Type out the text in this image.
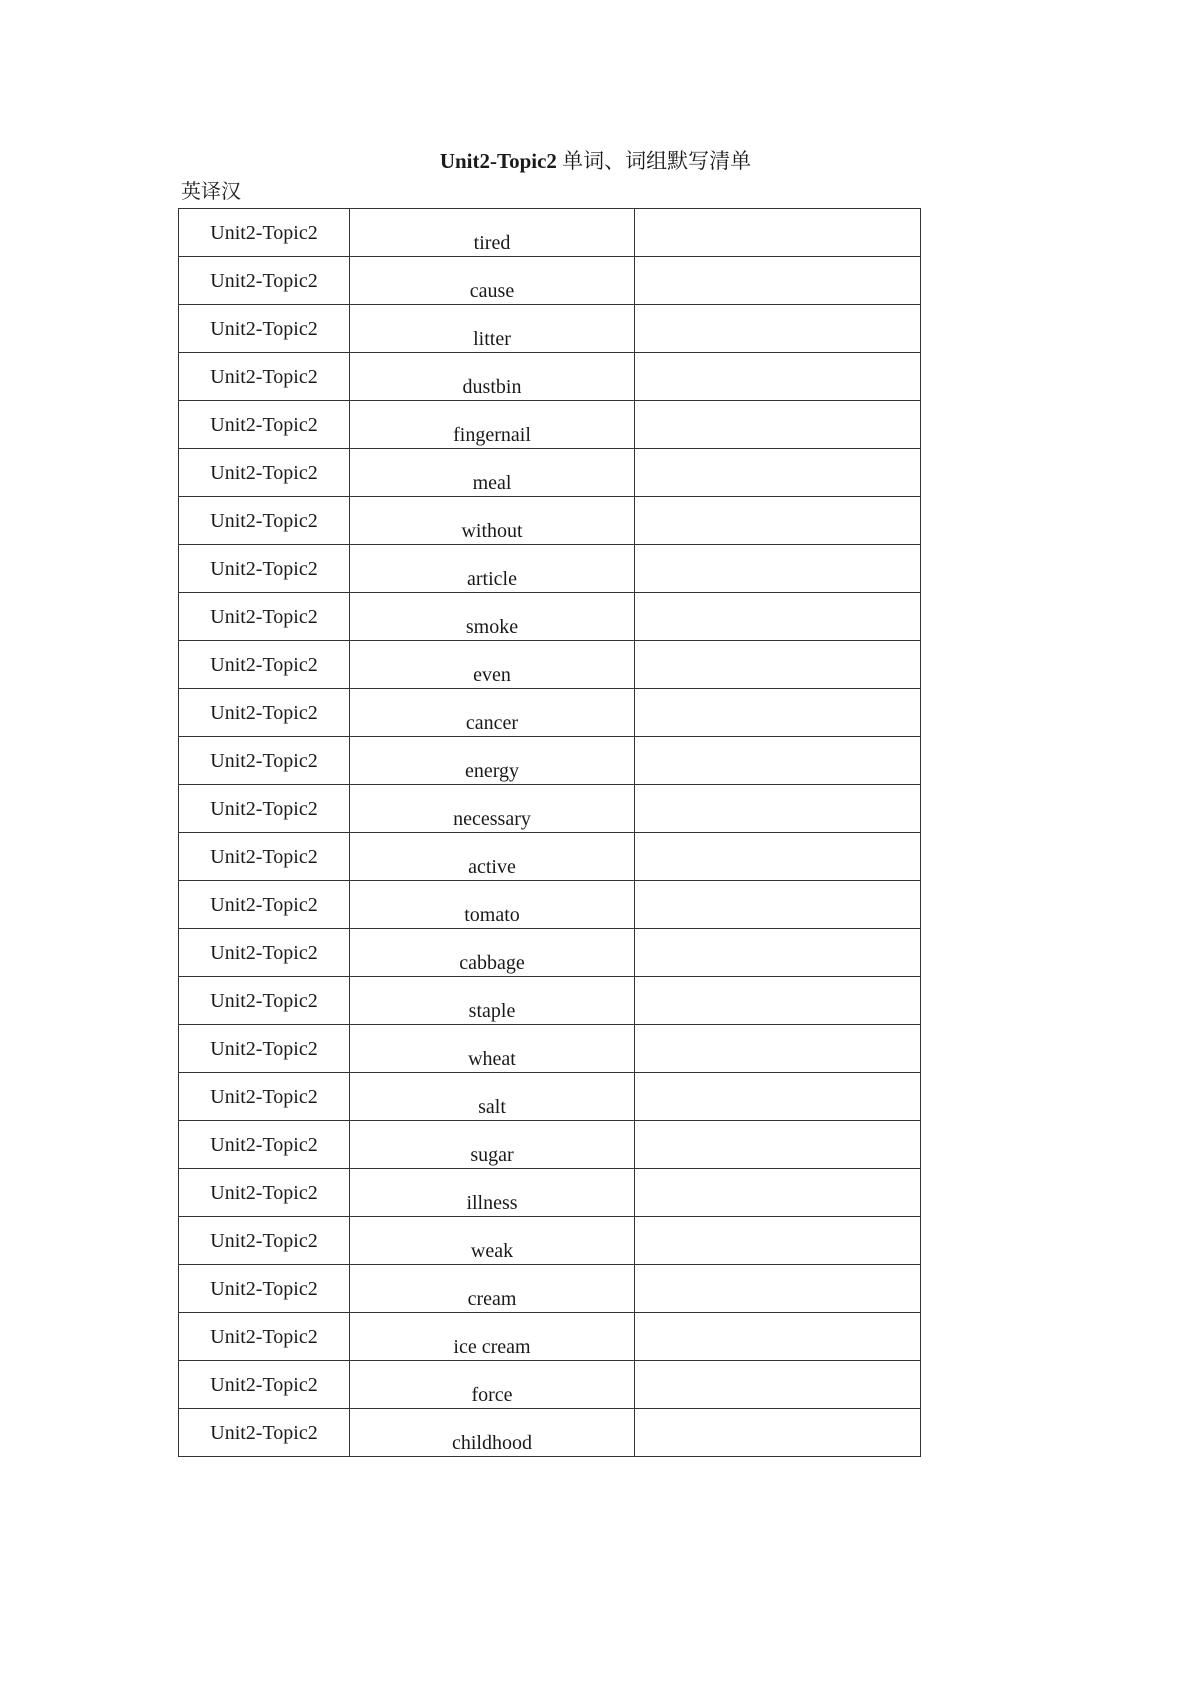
Unit2-Topic2 单词、词组默写清单
英译汉
Unit2-Topic2	tired	
Unit2-Topic2	cause	
Unit2-Topic2	litter	
Unit2-Topic2	dustbin	
Unit2-Topic2	fingernail	
Unit2-Topic2	meal	
Unit2-Topic2	without	
Unit2-Topic2	article	
Unit2-Topic2	smoke	
Unit2-Topic2	even	
Unit2-Topic2	cancer	
Unit2-Topic2	energy	
Unit2-Topic2	necessary	
Unit2-Topic2	active	
Unit2-Topic2	tomato	
Unit2-Topic2	cabbage	
Unit2-Topic2	staple	
Unit2-Topic2	wheat	
Unit2-Topic2	salt	
Unit2-Topic2	sugar	
Unit2-Topic2	illness	
Unit2-Topic2	weak	
Unit2-Topic2	cream	
Unit2-Topic2	ice cream	
Unit2-Topic2	force	
Unit2-Topic2	childhood	
